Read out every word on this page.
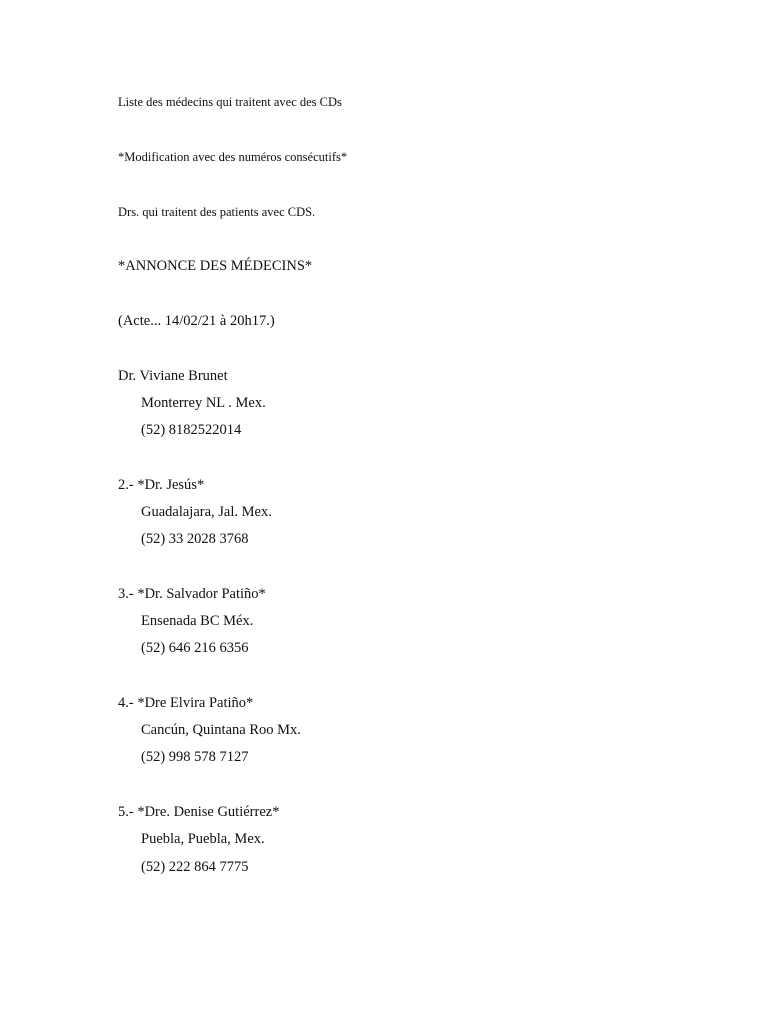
Liste des médecins qui traitent avec des CDs
*Modification avec des numéros consécutifs*
Drs. qui traitent des patients avec CDS.
*ANNONCE DES MÉDECINS*
(Acte... 14/02/21 à 20h17.)
Dr. Viviane Brunet
Monterrey NL . Mex.
(52) 8182522014
2.- *Dr. Jesús*
Guadalajara, Jal. Mex.
(52) 33 2028 3768
3.- *Dr. Salvador Patiño*
Ensenada BC Méx.
(52) 646 216 6356
4.- *Dre Elvira Patiño*
Cancún, Quintana Roo Mx.
(52) 998 578 7127
5.- *Dre. Denise Gutiérrez*
Puebla, Puebla, Mex.
(52) 222 864 7775
